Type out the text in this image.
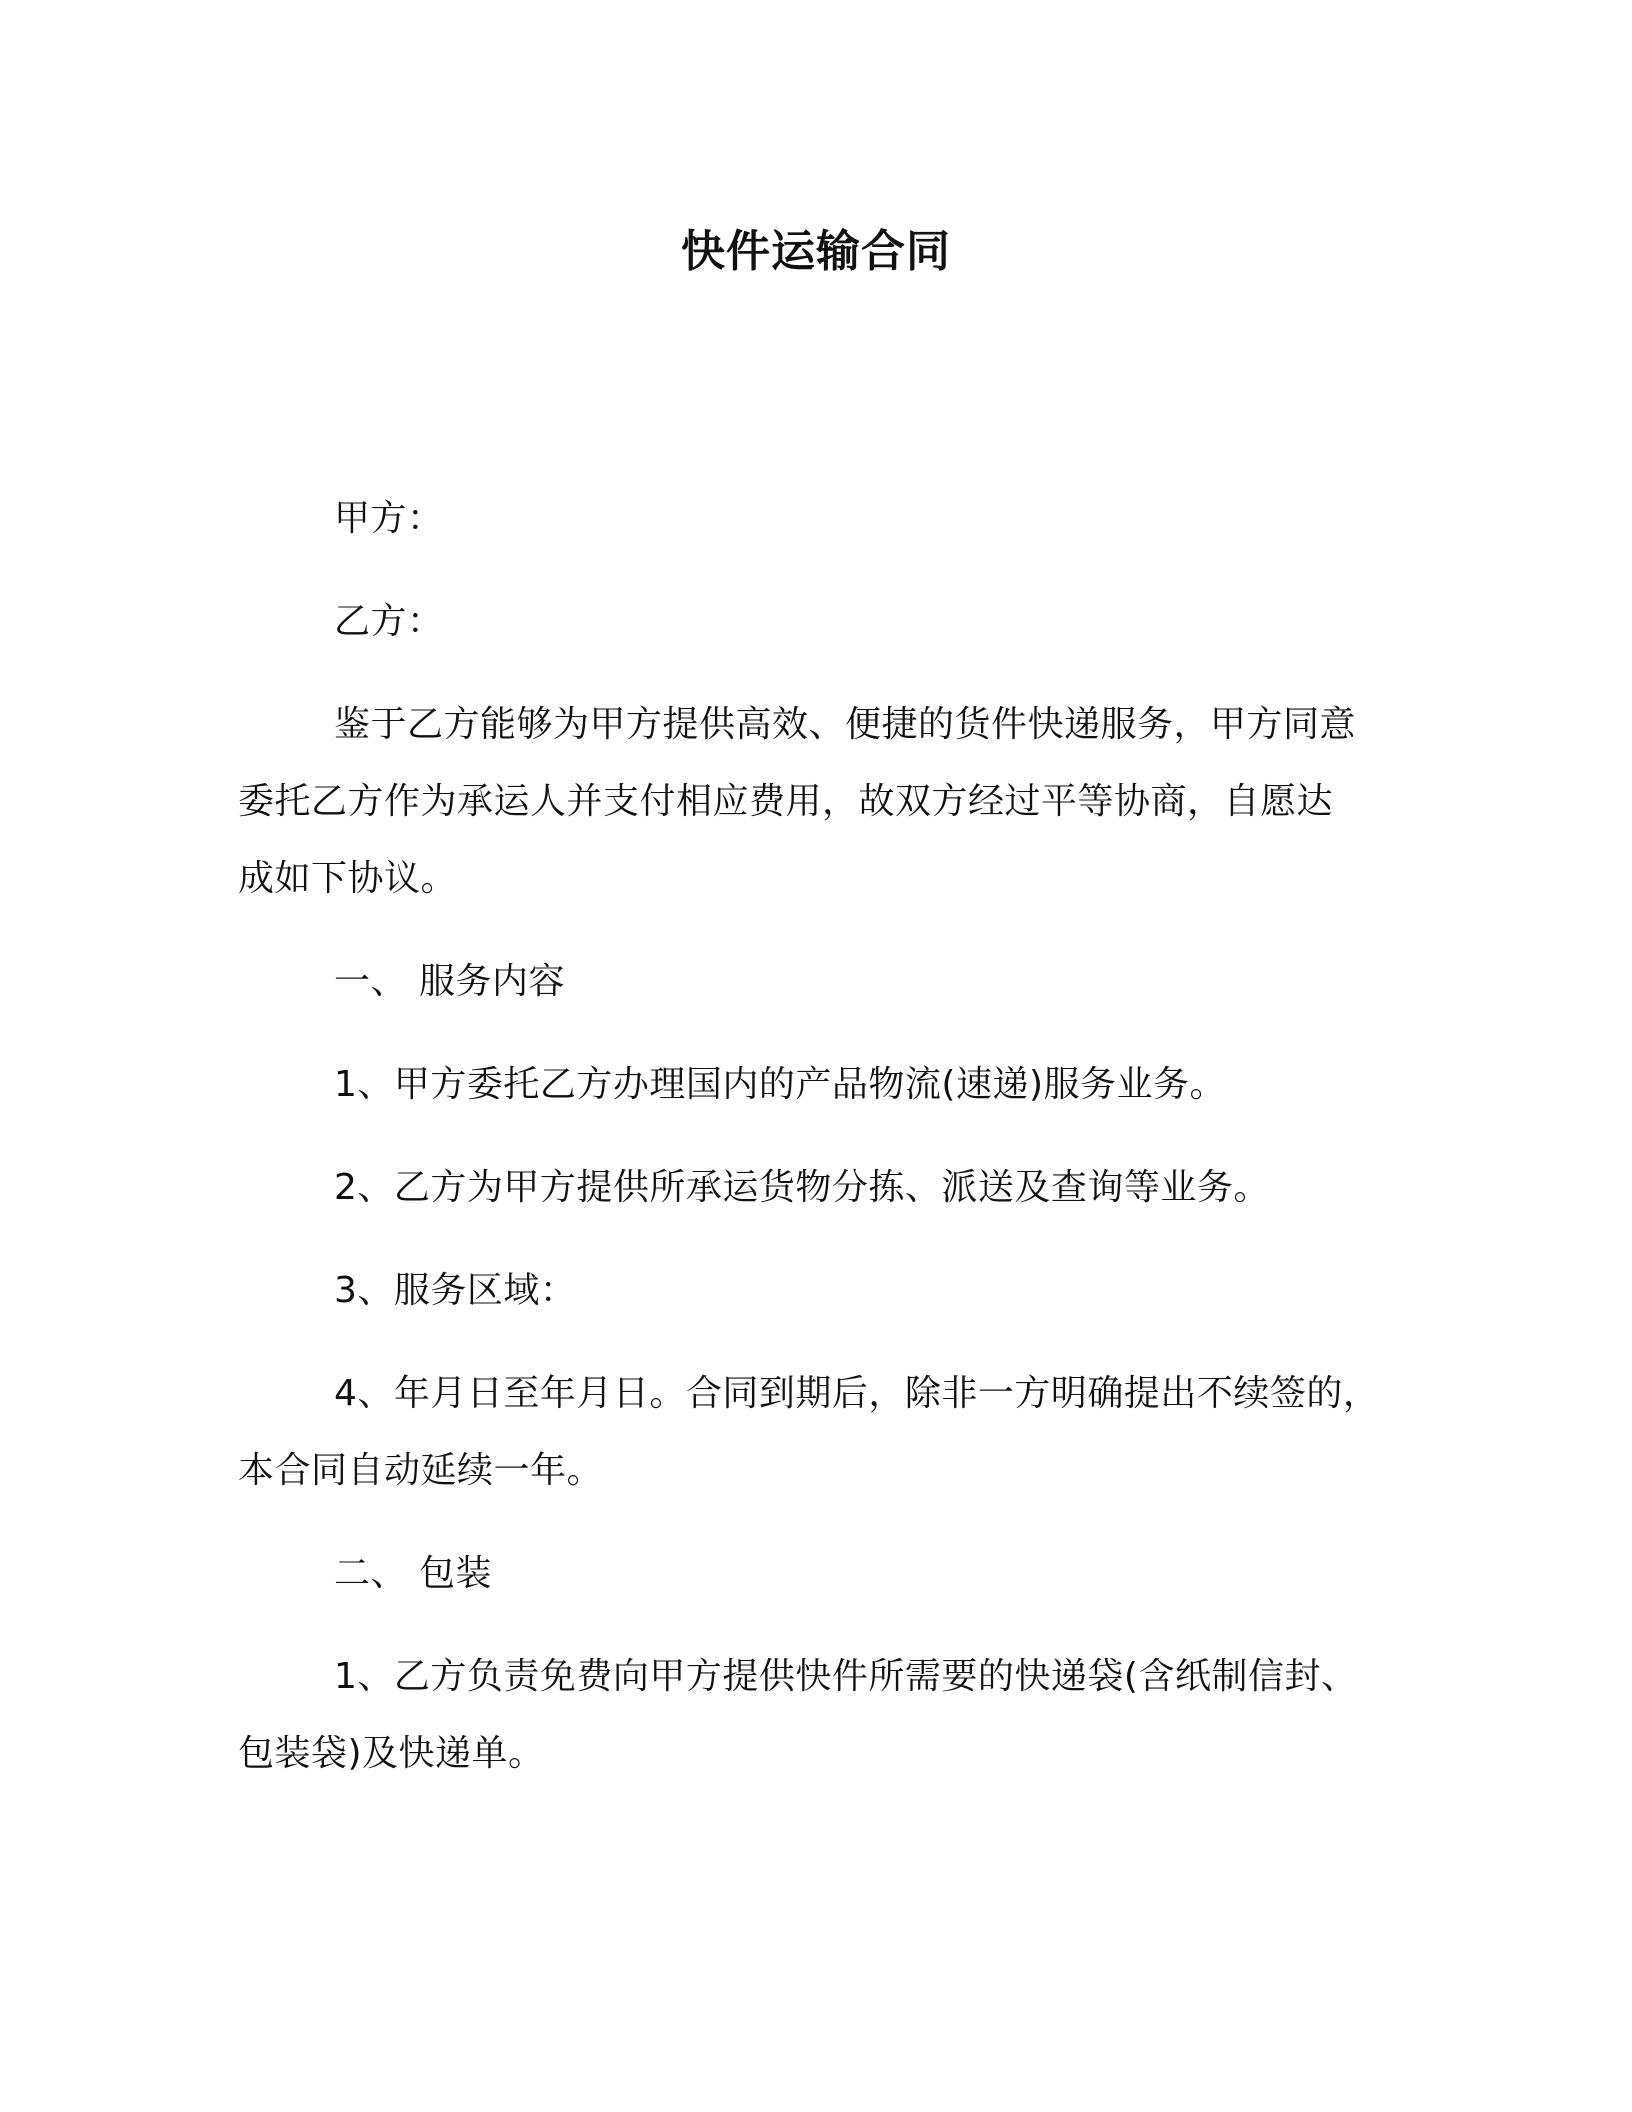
快件运输合同
甲方：
乙方：
鉴于乙方能够为甲方提供高效、便捷的货件快递服务，甲方同意
委托乙方作为承运人并支付相应费用，故双方经过平等协商，自愿达
成如下协议。
一、 服务内容
1、甲方委托乙方办理国内的产品物流(速递)服务业务。
2、乙方为甲方提供所承运货物分拣、派送及查询等业务。
3、服务区域：
4、年月日至年月日。合同到期后，除非一方明确提出不续签的，
本合同自动延续一年。
二、 包装
1、乙方负责免费向甲方提供快件所需要的快递袋(含纸制信封、
包装袋)及快递单。
